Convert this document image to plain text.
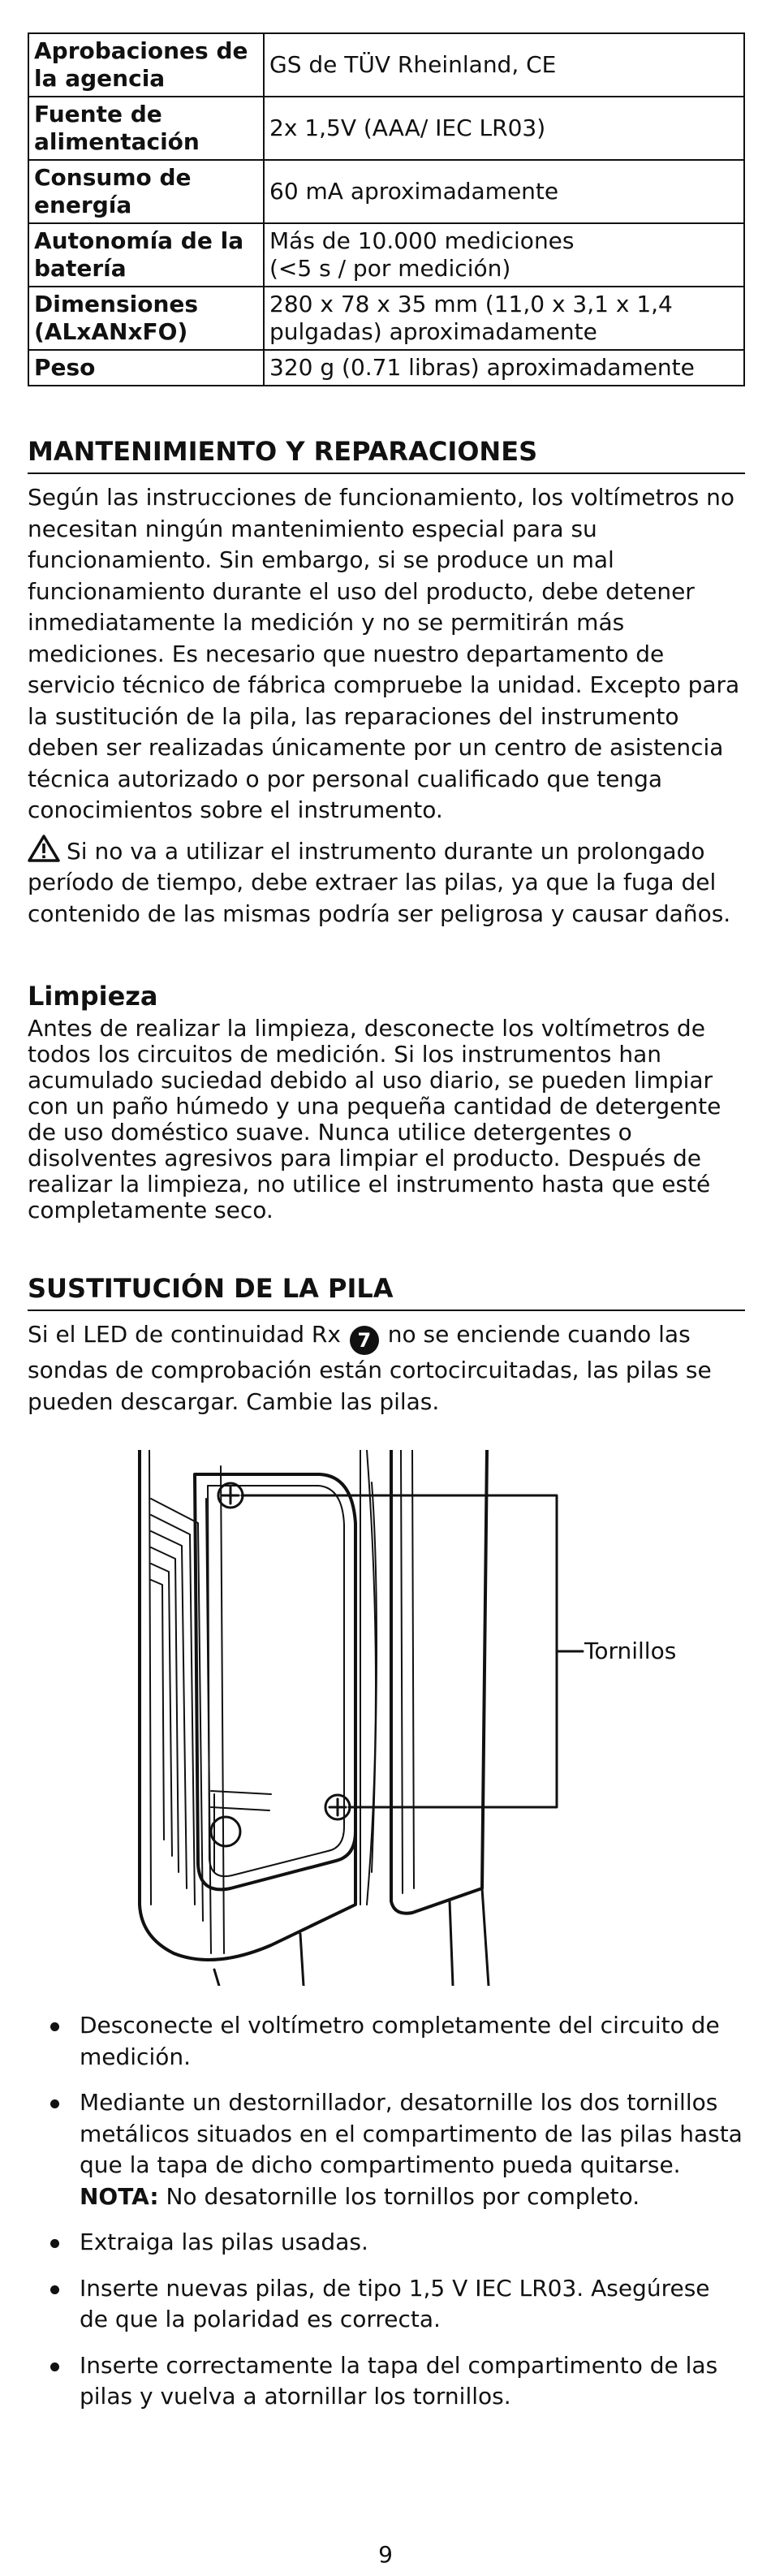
Aprobaciones de la agencia	GS de TÜV Rheinland, CE
Fuente de alimentación	2x 1,5V (AAA/ IEC LR03)
Consumo de energía	60 mA aproximadamente
Autonomía de la batería	Más de 10.000 mediciones
(<5 s / por medición)
Dimensiones (ALxANxFO)	280 x 78 x 35 mm (11,0 x 3,1 x 1,4
pulgadas) aproximadamente
Peso	320 g (0.71 libras) aproximadamente
MANTENIMIENTO Y REPARACIONES

Según las instrucciones de funcionamiento, los voltímetros no necesitan ningún mantenimiento especial para su funcionamiento. Sin embargo, si se produce un mal funcionamiento durante el uso del producto, debe detener inmediatamente la medición y no se permitirán más mediciones. Es necesario que nuestro departamento de servicio técnico de fábrica compruebe la unidad. Excepto para la sustitución de la pila, las reparaciones del instrumento deben ser realizadas únicamente por un centro de asistencia técnica autorizado o por personal cualificado que tenga conocimientos sobre el instrumento.

Si no va a utilizar el instrumento durante un prolongado período de tiempo, debe extraer las pilas, ya que la fuga del contenido de las mismas podría ser peligrosa y causar daños.

Limpieza

Antes de realizar la limpieza, desconecte los voltímetros de todos los circuitos de medición. Si los instrumentos han acumulado suciedad debido al uso diario, se pueden limpiar con un paño húmedo y una pequeña cantidad de detergente de uso doméstico suave. Nunca utilice detergentes o disolventes agresivos para limpiar el producto. Después de realizar la limpieza, no utilice el instrumento hasta que esté completamente seco.

SUSTITUCIÓN DE LA PILA

Si el LED de continuidad Rx 7 no se enciende cuando las sondas de comprobación están cortocircuitadas, las pilas se pueden descargar. Cambie las pilas.

Tornillos
Desconecte el voltímetro completamente del circuito de medición.
Mediante un destornillador, desatornille los dos tornillos metálicos situados en el compartimento de las pilas hasta que la tapa de dicho compartimento pueda quitarse.
NOTA: No desatornille los tornillos por completo.
Extraiga las pilas usadas.
Inserte nuevas pilas, de tipo 1,5 V IEC LR03. Asegúrese de que la polaridad es correcta.
Inserte correctamente la tapa del compartimento de las pilas y vuelva a atornillar los tornillos.
9
